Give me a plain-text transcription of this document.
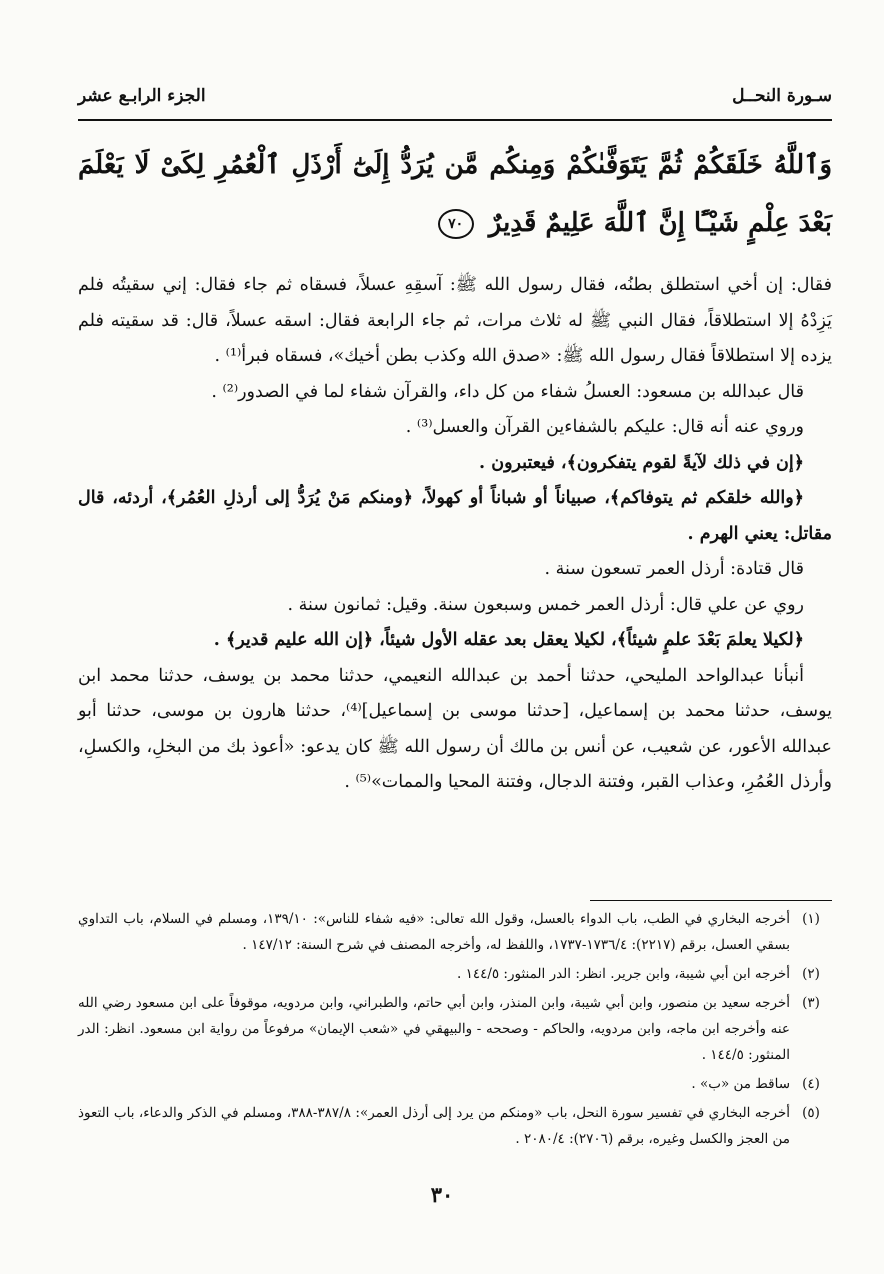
سـورة النحــل
الجزء الرابـع عشر
وَٱللَّهُ خَلَقَكُمْ ثُمَّ يَتَوَفَّىٰكُمْ وَمِنكُم مَّن يُرَدُّ إِلَىٰٓ أَرْذَلِ ٱلْعُمُرِ لِكَىْ لَا يَعْلَمَ بَعْدَ عِلْمٍ شَيْـًٔا إِنَّ ٱللَّهَ عَلِيمٌ قَدِيرٌ ٧٠

فقال: إن أخي استطلق بطنُه، فقال رسول الله ﷺ: آسقِهِ عسلاً، فسقاه ثم جاء فقال: إني سقيتُه فلم يَزِدْهُ إلا استطلاقاً، فقال النبي ﷺ له ثلاث مرات، ثم جاء الرابعة فقال: اسقه عسلاً، قال: قد سقيته فلم يزده إلا استطلاقاً فقال رسول الله ﷺ: «صدق الله وكذب بطن أخيك»، فسقاه فبرأ⁽¹⁾ .

قال عبدالله بن مسعود: العسلُ شفاء من كل داء، والقرآن شفاء لما في الصدور⁽²⁾ .

وروي عنه أنه قال: عليكم بالشفاءين القرآن والعسل⁽³⁾ .

﴿إن في ذلك لآيةً لقوم يتفكرون﴾، فيعتبرون .

﴿والله خلقكم ثم يتوفاكم﴾، صبياناً أو شباناً أو كهولاً، ﴿ومنكم مَنْ يُرَدُّ إلى أرذلِ العُمُر﴾، أردئه، قال مقاتل: يعني الهرم .

قال قتادة: أرذل العمر تسعون سنة .

روي عن علي قال: أرذل العمر خمس وسبعون سنة. وقيل: ثمانون سنة .

﴿لكيلا يعلمَ بَعْدَ علمٍ شيئاً﴾، لكيلا يعقل بعد عقله الأول شيئاً، ﴿إن الله عليم قدير﴾ .

أنبأنا عبدالواحد المليحي، حدثنا أحمد بن عبدالله النعيمي، حدثنا محمد بن يوسف، حدثنا محمد ابن يوسف، حدثنا محمد بن إسماعيل، [حدثنا موسى بن إسماعيل]⁽⁴⁾، حدثنا هارون بن موسى، حدثنا أبو عبدالله الأعور، عن شعيب، عن أنس بن مالك أن رسول الله ﷺ كان يدعو: «أعوذ بك من البخلِ، والكسلِ، وأرذل العُمُرِ، وعذاب القبر، وفتنة الدجال، وفتنة المحيا والممات»⁽⁵⁾ .

(١)
أخرجه البخاري في الطب، باب الدواء بالعسل، وقول الله تعالى: «فيه شفاء للناس»: ١٣٩/١٠، ومسلم في السلام، باب التداوي بسقي العسل، برقم (٢٢١٧): ١٧٣٦/٤-١٧٣٧، واللفظ له، وأخرجه المصنف في شرح السنة: ١٤٧/١٢ .
(٢)
أخرجه ابن أبي شيبة، وابن جرير. انظر: الدر المنثور: ١٤٤/٥ .
(٣)
أخرجه سعيد بن منصور، وابن أبي شيبة، وابن المنذر، وابن أبي حاتم، والطبراني، وابن مردويه، موقوفاً على ابن مسعود رضي الله عنه وأخرجه ابن ماجه، وابن مردويه، والحاكم - وصححه - والبيهقي في «شعب الإيمان» مرفوعاً من رواية ابن مسعود. انظر: الدر المنثور: ١٤٤/٥ .
(٤)
ساقط من «ب» .
(٥)
أخرجه البخاري في تفسير سورة النحل، باب «ومنكم من يرد إلى أرذل العمر»: ٣٨٧/٨-٣٨٨، ومسلم في الذكر والدعاء، باب التعوذ من العجز والكسل وغيره، برقم (٢٧٠٦): ٢٠٨٠/٤ .
٣٠
